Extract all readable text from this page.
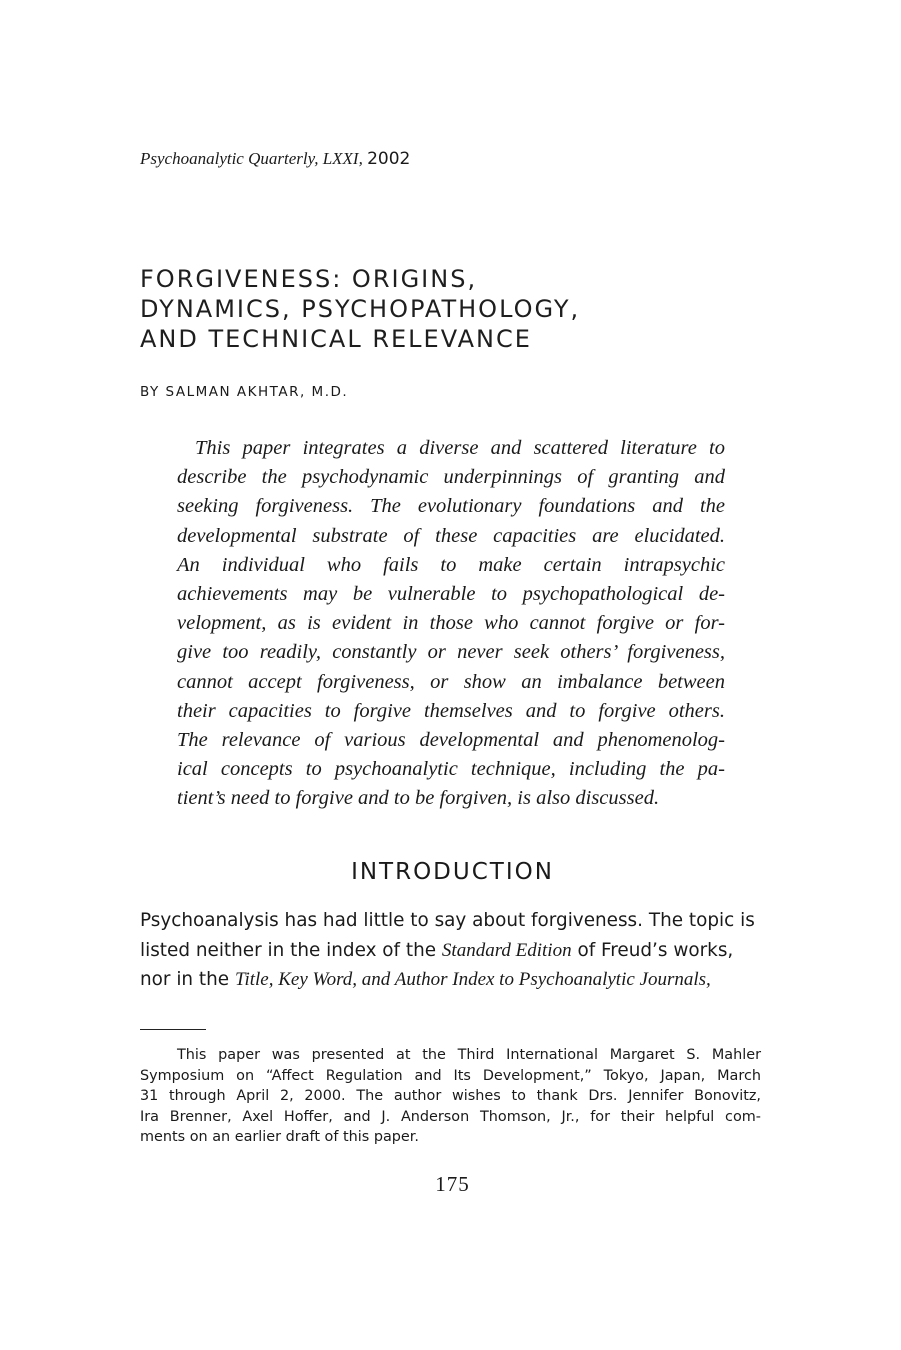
Psychoanalytic Quarterly, LXXI, 2002
FORGIVENESS: ORIGINS,
DYNAMICS, PSYCHOPATHOLOGY,
AND TECHNICAL RELEVANCE
BY SALMAN AKHTAR, M.D.
This paper integrates a diverse and scattered literature to
describe the psychodynamic underpinnings of granting and
seeking forgiveness. The evolutionary foundations and the
developmental substrate of these capacities are elucidated.
An individual who fails to make certain intrapsychic
achievements may be vulnerable to psychopathological de-
velopment, as is evident in those who cannot forgive or for-
give too readily, constantly or never seek others’ forgiveness,
cannot accept forgiveness, or show an imbalance between
their capacities to forgive themselves and to forgive others.
The relevance of various developmental and phenomenolog-
ical concepts to psychoanalytic technique, including the pa-
tient’s need to forgive and to be forgiven, is also discussed.
INTRODUCTION
Psychoanalysis has had little to say about forgiveness. The topic is
listed neither in the index of the Standard Edition of Freud’s works,
nor in the Title, Key Word, and Author Index to Psychoanalytic Journals,
This paper was presented at the Third International Margaret S. Mahler
Symposium on “Affect Regulation and Its Development,” Tokyo, Japan, March
31 through April 2, 2000. The author wishes to thank Drs. Jennifer Bonovitz,
Ira Brenner, Axel Hoffer, and J. Anderson Thomson, Jr., for their helpful com-
ments on an earlier draft of this paper.
175
